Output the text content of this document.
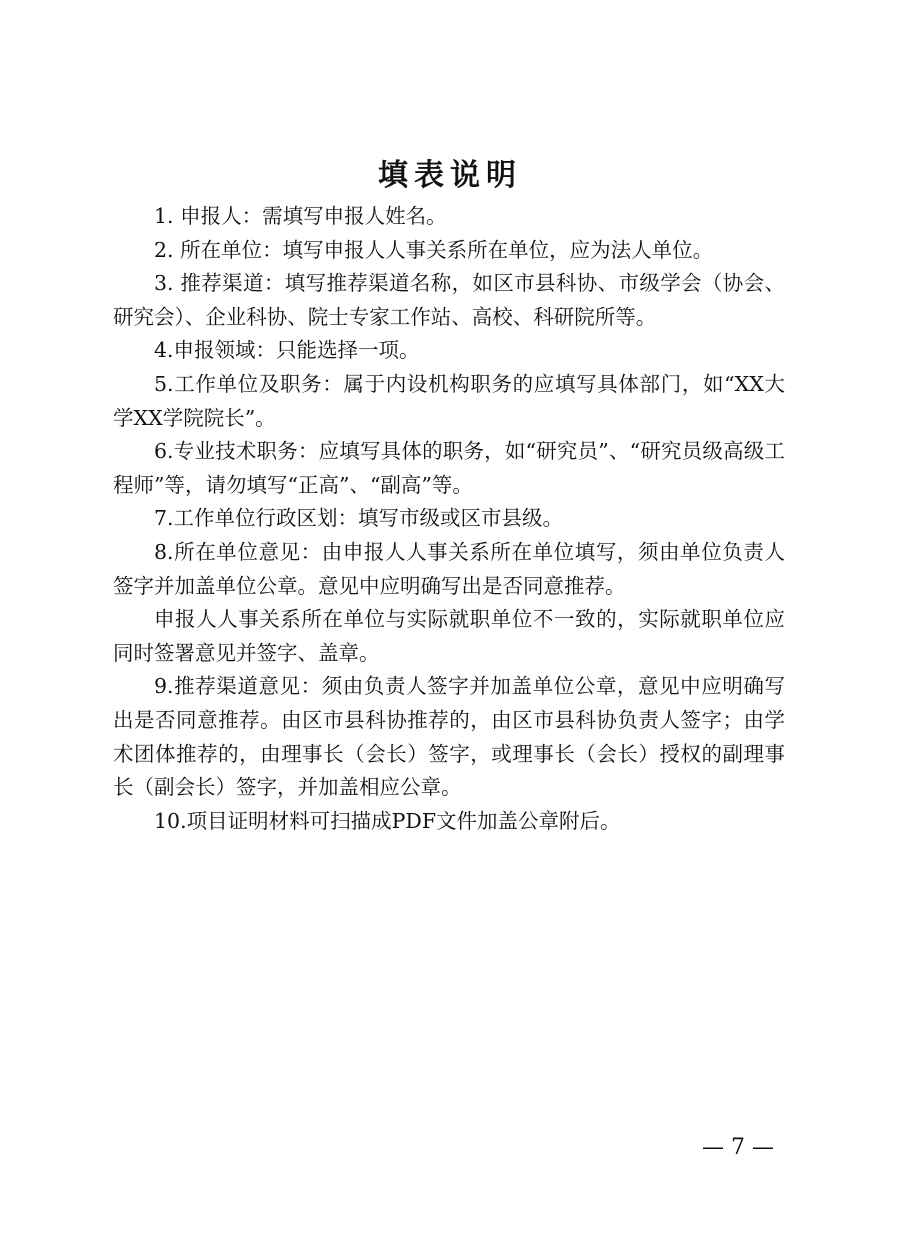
填表说明

1. 申报人：需填写申报人姓名。

2. 所在单位：填写申报人人事关系所在单位，应为法人单位。

3. 推荐渠道：填写推荐渠道名称，如区市县科协、市级学会（协会、研究会）、企业科协、院士专家工作站、高校、科研院所等。

4.申报领域：只能选择一项。

5.工作单位及职务：属于内设机构职务的应填写具体部门，如“XX大学XX学院院长”。

6.专业技术职务：应填写具体的职务，如“研究员”、“研究员级高级工程师”等，请勿填写“正高”、“副高”等。

7.工作单位行政区划：填写市级或区市县级。

8.所在单位意见：由申报人人事关系所在单位填写，须由单位负责人签字并加盖单位公章。意见中应明确写出是否同意推荐。

申报人人事关系所在单位与实际就职单位不一致的，实际就职单位应同时签署意见并签字、盖章。

9.推荐渠道意见：须由负责人签字并加盖单位公章，意见中应明确写出是否同意推荐。由区市县科协推荐的，由区市县科协负责人签字；由学术团体推荐的，由理事长（会长）签字，或理事长（会长）授权的副理事长（副会长）签字，并加盖相应公章。

10.项目证明材料可扫描成PDF文件加盖公章附后。

— 7 —
